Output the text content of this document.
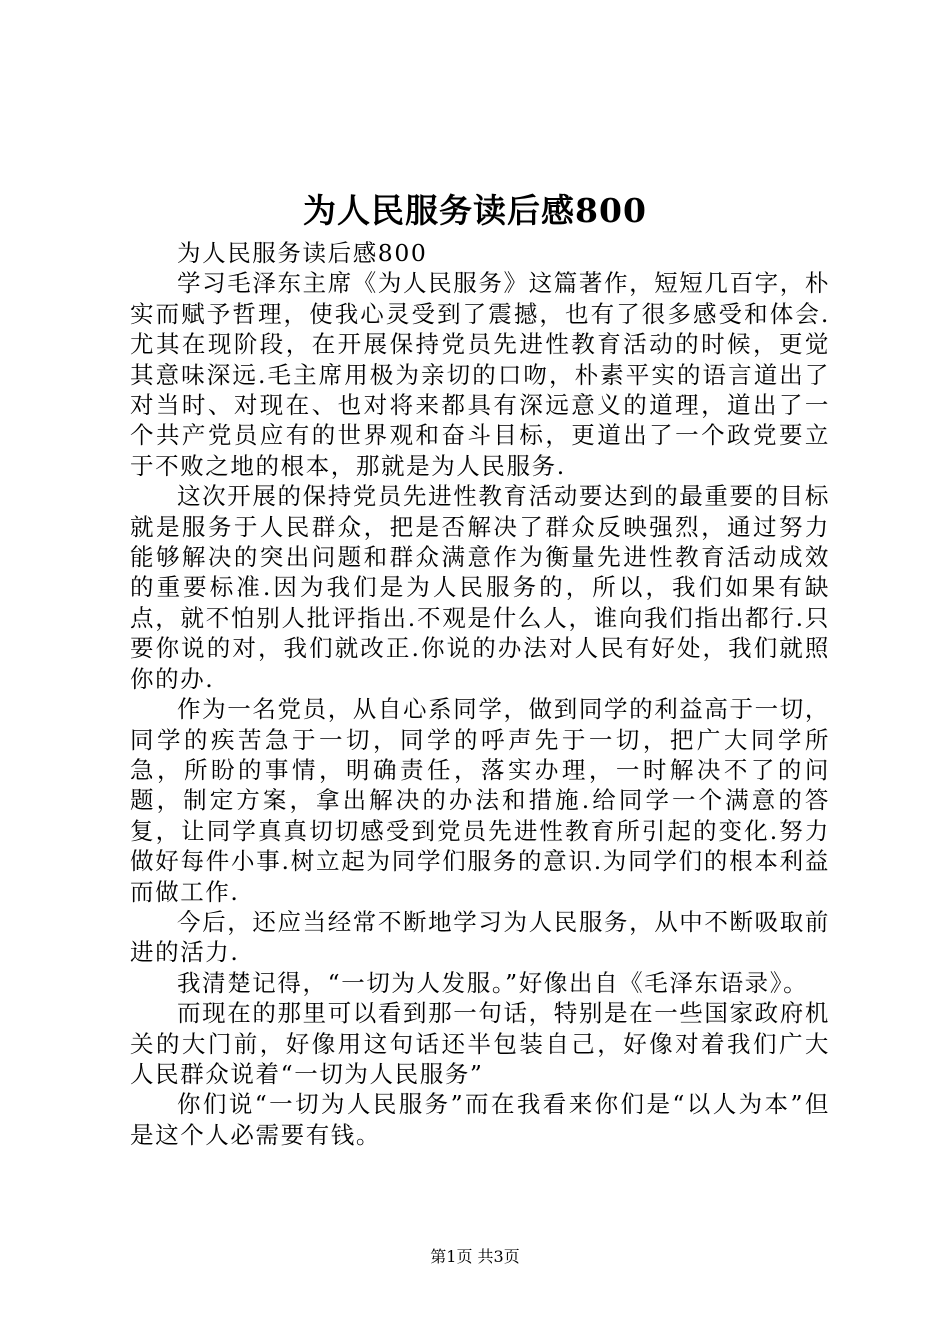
为人民服务读后感800

为人民服务读后感800

学习毛泽东主席《为人民服务》这篇著作，短短几百字，朴实而赋予哲理，使我心灵受到了震撼，也有了很多感受和体会.尤其在现阶段，在开展保持党员先进性教育活动的时候，更觉其意味深远.毛主席用极为亲切的口吻，朴素平实的语言道出了对当时、对现在、也对将来都具有深远意义的道理，道出了一个共产党员应有的世界观和奋斗目标，更道出了一个政党要立于不败之地的根本，那就是为人民服务.

这次开展的保持党员先进性教育活动要达到的最重要的目标就是服务于人民群众，把是否解决了群众反映强烈，通过努力能够解决的突出问题和群众满意作为衡量先进性教育活动成效的重要标准.因为我们是为人民服务的，所以，我们如果有缺点，就不怕别人批评指出.不观是什么人，谁向我们指出都行.只要你说的对，我们就改正.你说的办法对人民有好处，我们就照你的办.

作为一名党员，从自心系同学，做到同学的利益高于一切，同学的疾苦急于一切，同学的呼声先于一切，把广大同学所急，所盼的事情，明确责任，落实办理，一时解决不了的问题，制定方案，拿出解决的办法和措施.给同学一个满意的答复，让同学真真切切感受到党员先进性教育所引起的变化.努力做好每件小事.树立起为同学们服务的意识.为同学们的根本利益而做工作.

今后，还应当经常不断地学习为人民服务，从中不断吸取前进的活力.

我清楚记得，“一切为人发服。”好像出自《毛泽东语录》。

而现在的那里可以看到那一句话，特别是在一些国家政府机关的大门前，好像用这句话还半包装自己，好像对着我们广大人民群众说着“一切为人民服务”

你们说“一切为人民服务”而在我看来你们是“以人为本”但是这个人必需要有钱。

第1页 共3页
